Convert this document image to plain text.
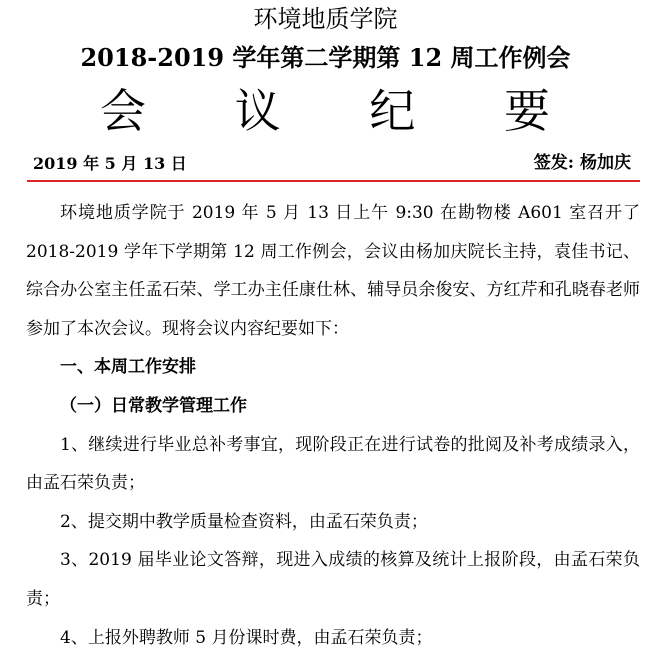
环境地质学院
2018-2019 学年第二学期第 12 周工作例会
会 议 纪 要
2019 年 5 月 13 日	签发: 杨加庆

环境地质学院于 2019 年 5 月 13 日上午 9:30 在勘物楼 A601 室召开了 2018-2019 学年下学期第 12 周工作例会，会议由杨加庆院长主持，袁佳书记、综合办公室主任孟石荣、学工办主任康仕林、辅导员余俊安、方红芹和孔晓春老师参加了本次会议。现将会议内容纪要如下：

一、本周工作安排

（一）日常教学管理工作

1、继续进行毕业总补考事宜，现阶段正在进行试卷的批阅及补考成绩录入，由孟石荣负责；

2、提交期中教学质量检查资料，由孟石荣负责；

3、2019 届毕业论文答辩，现进入成绩的核算及统计上报阶段，由孟石荣负责；

4、上报外聘教师 5 月份课时费，由孟石荣负责；
